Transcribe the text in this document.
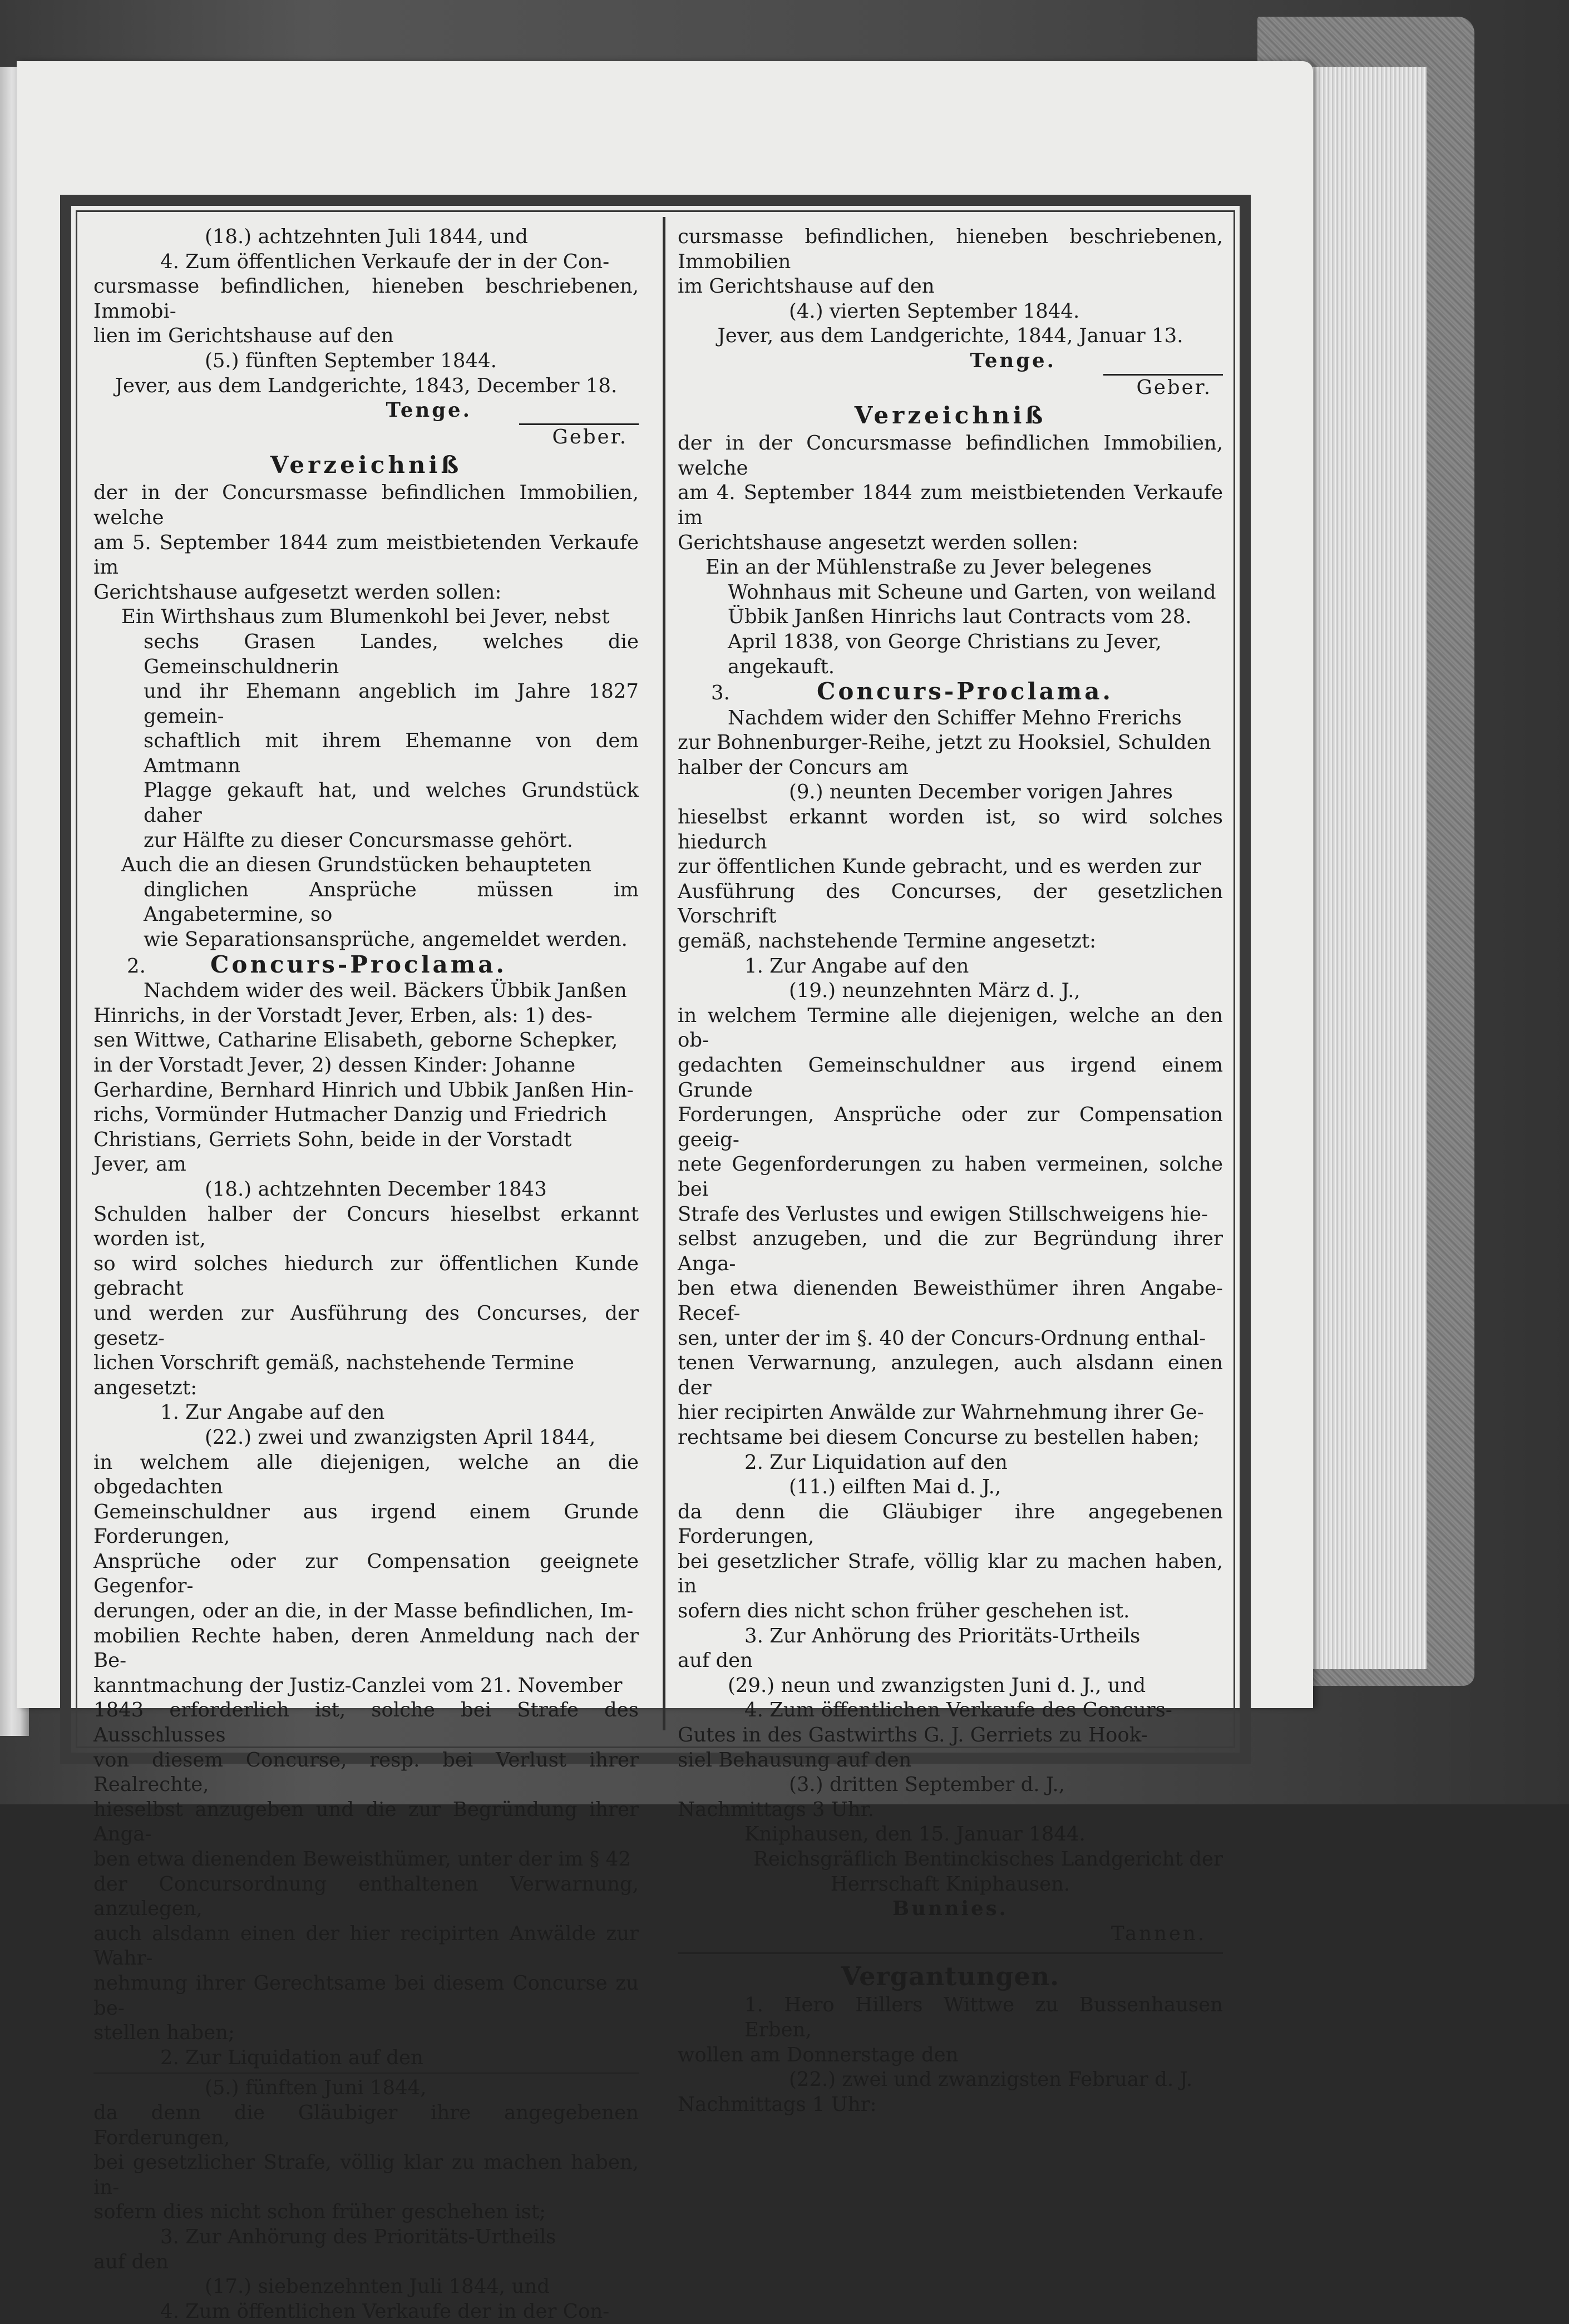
(18.) achtzehnten Juli 1844, und

4. Zum öffentlichen Verkaufe der in der Con-

cursmasse befindlichen, hieneben beschriebenen, Immobi-

lien im Gerichtshause auf den

(5.) fünften September 1844.

Jever, aus dem Landgerichte, 1843, December 18.

Tenge.

Geber.

Verzeichniß

der in der Concursmasse befindlichen Immobilien, welche

am 5. September 1844 zum meistbietenden Verkaufe im

Gerichtshause aufgesetzt werden sollen:

Ein Wirthshaus zum Blumenkohl bei Jever, nebst

sechs Grasen Landes, welches die Gemeinschuldnerin

und ihr Ehemann angeblich im Jahre 1827 gemein-

schaftlich mit ihrem Ehemanne von dem Amtmann

Plagge gekauft hat, und welches Grundstück daher

zur Hälfte zu dieser Concursmasse gehört.

Auch die an diesen Grundstücken behaupteten

dinglichen Ansprüche müssen im Angabetermine, so

wie Separationsansprüche, angemeldet werden.

2.	Concurs-Proclama.

Nachdem wider des weil. Bäckers Übbik Janßen

Hinrichs, in der Vorstadt Jever, Erben, als: 1) des-

sen Wittwe, Catharine Elisabeth, geborne Schepker,

in der Vorstadt Jever, 2) dessen Kinder: Johanne

Gerhardine, Bernhard Hinrich und Ubbik Janßen Hin-

richs, Vormünder Hutmacher Danzig und Friedrich

Christians, Gerriets Sohn, beide in der Vorstadt

Jever, am

(18.) achtzehnten December 1843

Schulden halber der Concurs hieselbst erkannt worden ist,

so wird solches hiedurch zur öffentlichen Kunde gebracht

und werden zur Ausführung des Concurses, der gesetz-

lichen Vorschrift gemäß, nachstehende Termine angesetzt:

1. Zur Angabe auf den

(22.) zwei und zwanzigsten April 1844,

in welchem alle diejenigen, welche an die obgedachten

Gemeinschuldner aus irgend einem Grunde Forderungen,

Ansprüche oder zur Compensation geeignete Gegenfor-

derungen, oder an die, in der Masse befindlichen, Im-

mobilien Rechte haben, deren Anmeldung nach der Be-

kanntmachung der Justiz-Canzlei vom 21. November

1843 erforderlich ist, solche bei Strafe des Ausschlusses

von diesem Concurse, resp. bei Verlust ihrer Realrechte,

hieselbst anzugeben und die zur Begründung ihrer Anga-

ben etwa dienenden Beweisthümer, unter der im § 42

der Concursordnung enthaltenen Verwarnung, anzulegen,

auch alsdann einen der hier recipirten Anwälde zur Wahr-

nehmung ihrer Gerechtsame bei diesem Concurse zu be-

stellen haben;

2. Zur Liquidation auf den

(5.) fünften Juni 1844,

da denn die Gläubiger ihre angegebenen Forderungen,

bei gesetzlicher Strafe, völlig klar zu machen haben, in-

sofern dies nicht schon früher geschehen ist;

3. Zur Anhörung des Prioritäts-Urtheils

auf den

(17.) siebenzehnten Juli 1844, und

4. Zum öffentlichen Verkaufe der in der Con-

cursmasse befindlichen, hieneben beschriebenen, Immobilien

im Gerichtshause auf den

(4.) vierten September 1844.

Jever, aus dem Landgerichte, 1844, Januar 13.

Tenge.

Geber.

Verzeichniß

der in der Concursmasse befindlichen Immobilien, welche

am 4. September 1844 zum meistbietenden Verkaufe im

Gerichtshause angesetzt werden sollen:

Ein an der Mühlenstraße zu Jever belegenes

Wohnhaus mit Scheune und Garten, von weiland

Übbik Janßen Hinrichs laut Contracts vom 28.

April 1838, von George Christians zu Jever,

angekauft.

3.	Concurs-Proclama.

Nachdem wider den Schiffer Mehno Frerichs

zur Bohnenburger-Reihe, jetzt zu Hooksiel, Schulden

halber der Concurs am

(9.) neunten December vorigen Jahres

hieselbst erkannt worden ist, so wird solches hiedurch

zur öffentlichen Kunde gebracht, und es werden zur

Ausführung des Concurses, der gesetzlichen Vorschrift

gemäß, nachstehende Termine angesetzt:

1. Zur Angabe auf den

(19.) neunzehnten März d. J.,

in welchem Termine alle diejenigen, welche an den ob-

gedachten Gemeinschuldner aus irgend einem Grunde

Forderungen, Ansprüche oder zur Compensation geeig-

nete Gegenforderungen zu haben vermeinen, solche bei

Strafe des Verlustes und ewigen Stillschweigens hie-

selbst anzugeben, und die zur Begründung ihrer Anga-

ben etwa dienenden Beweisthümer ihren Angabe-Recef-

sen, unter der im §. 40 der Concurs-Ordnung enthal-

tenen Verwarnung, anzulegen, auch alsdann einen der

hier recipirten Anwälde zur Wahrnehmung ihrer Ge-

rechtsame bei diesem Concurse zu bestellen haben;

2. Zur Liquidation auf den

(11.) eilften Mai d. J.,

da denn die Gläubiger ihre angegebenen Forderungen,

bei gesetzlicher Strafe, völlig klar zu machen haben, in

sofern dies nicht schon früher geschehen ist.

3. Zur Anhörung des Prioritäts-Urtheils

auf den

(29.) neun und zwanzigsten Juni d. J., und

4. Zum öffentlichen Verkaufe des Concurs-

Gutes in des Gastwirths G. J. Gerriets zu Hook-

siel Behausung auf den

(3.) dritten September d. J.,

Nachmittags 3 Uhr.

Kniphausen, den 15. Januar 1844.

Reichsgräflich Bentinckisches Landgericht der

Herrschaft Kniphausen.

Bunnies.

Tannen.

Vergantungen.

1. Hero Hillers Wittwe zu Bussenhausen Erben,

wollen am Donnerstage den

(22.) zwei und zwanzigsten Februar d. J.

Nachmittags 1 Uhr:
